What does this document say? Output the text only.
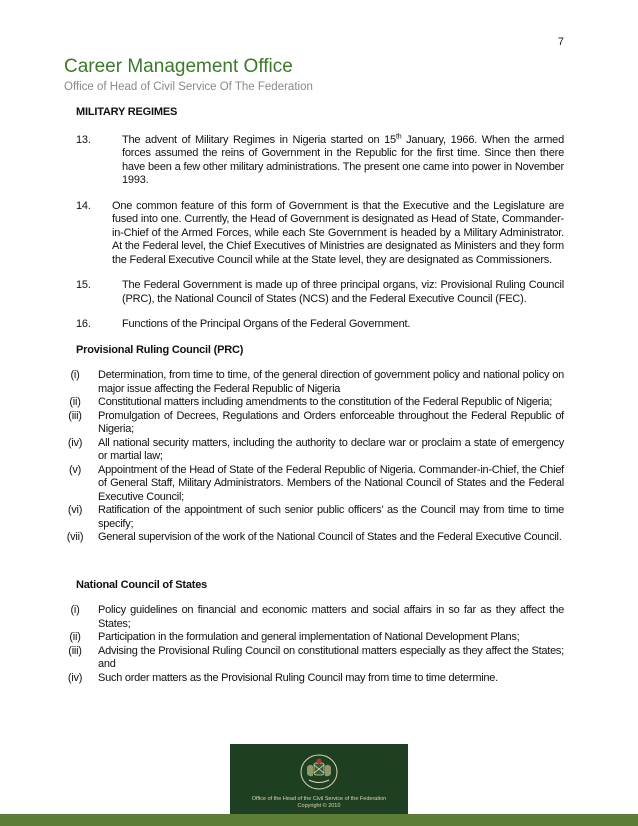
7
Career Management Office
Office of Head of Civil Service Of The Federation
MILITARY REGIMES
13.	The advent of Military Regimes in Nigeria started on 15th January, 1966. When the armed forces assumed the reins of Government in the Republic for the first time. Since then there have been a few other military administrations. The present one came into power in November 1993.
14.	One common feature of this form of Government is that the Executive and the Legislature are fused into one. Currently, the Head of Government is designated as Head of State, Commander-in-Chief of the Armed Forces, while each Ste Government is headed by a Military Administrator. At the Federal level, the Chief Executives of Ministries are designated as Ministers and they form the Federal Executive Council while at the State level, they are designated as Commissioners.
15.	The Federal Government is made up of three principal organs, viz: Provisional Ruling Council (PRC), the National Council of States (NCS) and the Federal Executive Council (FEC).
16.	Functions of the Principal Organs of the Federal Government.
Provisional Ruling Council (PRC)
(i)	Determination, from time to time, of the general direction of government policy and national policy on major issue affecting the Federal Republic of Nigeria
(ii)	Constitutional matters including amendments to the constitution of the Federal Republic of Nigeria;
(iii)	Promulgation of Decrees, Regulations and Orders enforceable throughout the Federal Republic of Nigeria;
(iv)	All national security matters, including the authority to declare war or proclaim a state of emergency or martial law;
(v)	Appointment of the Head of State of the Federal Republic of Nigeria. Commander-in-Chief, the Chief of General Staff, Military Administrators. Members of the National Council of States and the Federal Executive Council;
(vi)	Ratification of the appointment of such senior public officers’ as the Council may from time to time specify;
(vii)	General supervision of the work of the National Council of States and the Federal Executive Council.
National Council of States
(i)	Policy guidelines on financial and economic matters and social affairs in so far as they affect the States;
(ii)	Participation in the formulation and general implementation of National Development Plans;
(iii)	Advising the Provisional Ruling Council on constitutional matters especially as they affect the States; and
(iv)	Such order matters as the Provisional Ruling Council may from time to time determine.
Office of the Head of the Civil Service of the Federation
Copyright © 2010
